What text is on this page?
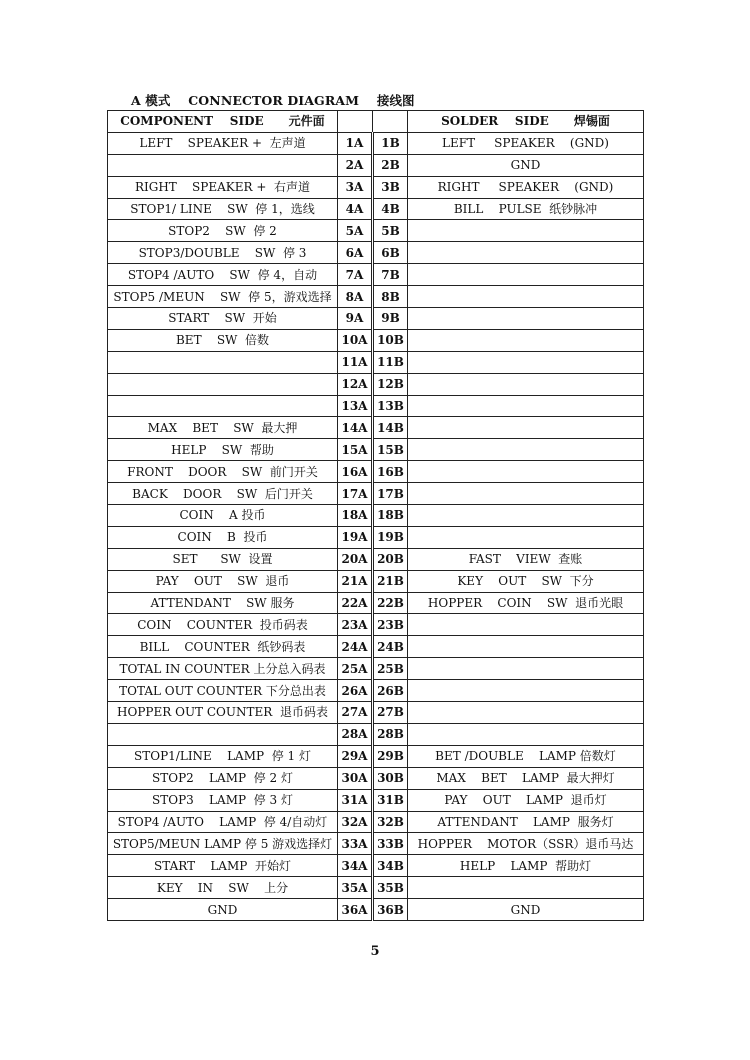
A 模式    CONNECTOR DIAGRAM    接线图
COMPONENT    SIDE      元件面			SOLDER    SIDE      焊锡面
LEFT    SPEAKER +  左声道	1A	1B	LEFT     SPEAKER    (GND)
	2A	2B	GND
RIGHT    SPEAKER +  右声道	3A	3B	RIGHT     SPEAKER    (GND)
STOP1/ LINE    SW  停 1，选线	4A	4B	BILL    PULSE  纸钞脉冲
STOP2    SW  停 2	5A	5B	
STOP3/DOUBLE    SW  停 3	6A	6B	
STOP4 /AUTO    SW  停 4，自动	7A	7B	
STOP5 /MEUN    SW  停 5，游戏选择	8A	8B	
START    SW  开始	9A	9B	
BET    SW  倍数	10A	10B	
	11A	11B	
	12A	12B	
	13A	13B	
MAX    BET    SW  最大押	14A	14B	
HELP    SW  帮助	15A	15B	
FRONT    DOOR    SW  前门开关	16A	16B	
BACK    DOOR    SW  后门开关	17A	17B	
COIN    A 投币	18A	18B	
COIN    B  投币	19A	19B	
SET      SW  设置	20A	20B	FAST    VIEW  查账
PAY    OUT    SW  退币	21A	21B	KEY    OUT    SW  下分
ATTENDANT    SW 服务	22A	22B	HOPPER    COIN    SW  退币光眼
COIN    COUNTER  投币码表	23A	23B	
BILL    COUNTER  纸钞码表	24A	24B	
TOTAL IN COUNTER 上分总入码表	25A	25B	
TOTAL OUT COUNTER 下分总出表	26A	26B	
HOPPER OUT COUNTER  退币码表	27A	27B	
	28A	28B	
STOP1/LINE    LAMP  停 1 灯	29A	29B	BET /DOUBLE    LAMP 倍数灯
STOP2    LAMP  停 2 灯	30A	30B	MAX    BET    LAMP  最大押灯
STOP3    LAMP  停 3 灯	31A	31B	PAY    OUT    LAMP  退币灯
STOP4 /AUTO    LAMP  停 4/自动灯	32A	32B	ATTENDANT    LAMP  服务灯
STOP5/MEUN LAMP 停 5 游戏选择灯	33A	33B	HOPPER    MOTOR（SSR）退币马达
START    LAMP  开始灯	34A	34B	HELP    LAMP  帮助灯
KEY    IN    SW    上分	35A	35B	
GND	36A	36B	GND
5
